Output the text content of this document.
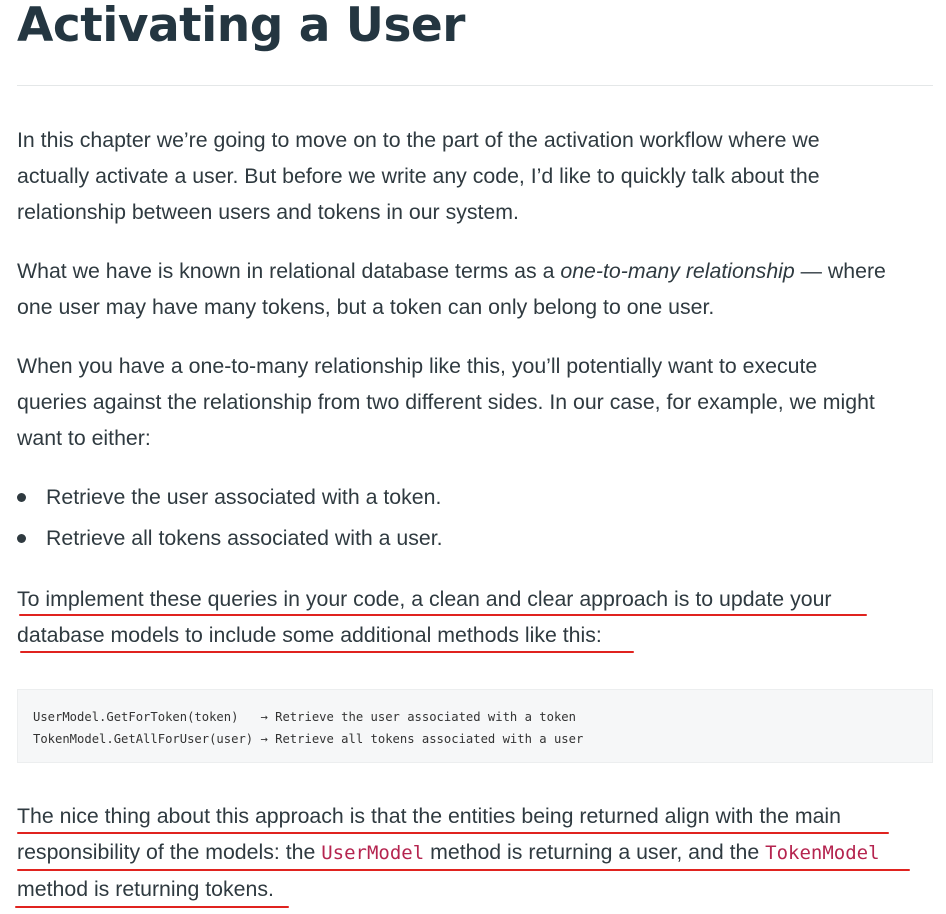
Activating a User

In this chapter we’re going to move on to the part of the activation workflow where we
actually activate a user. But before we write any code, I’d like to quickly talk about the
relationship between users and tokens in our system.

What we have is known in relational database terms as a one-to-many relationship — where
one user may have many tokens, but a token can only belong to one user.

When you have a one-to-many relationship like this, you’ll potentially want to execute
queries against the relationship from two different sides. In our case, for example, we might
want to either:

Retrieve the user associated with a token.
Retrieve all tokens associated with a user.

To implement these queries in your code, a clean and clear approach is to update your
database models to include some additional methods like this:

UserModel.GetForToken(token)   → Retrieve the user associated with a token
TokenModel.GetAllForUser(user) → Retrieve all tokens associated with a user

The nice thing about this approach is that the entities being returned align with the main
responsibility of the models: the UserModel method is returning a user, and the TokenModel
method is returning tokens.
